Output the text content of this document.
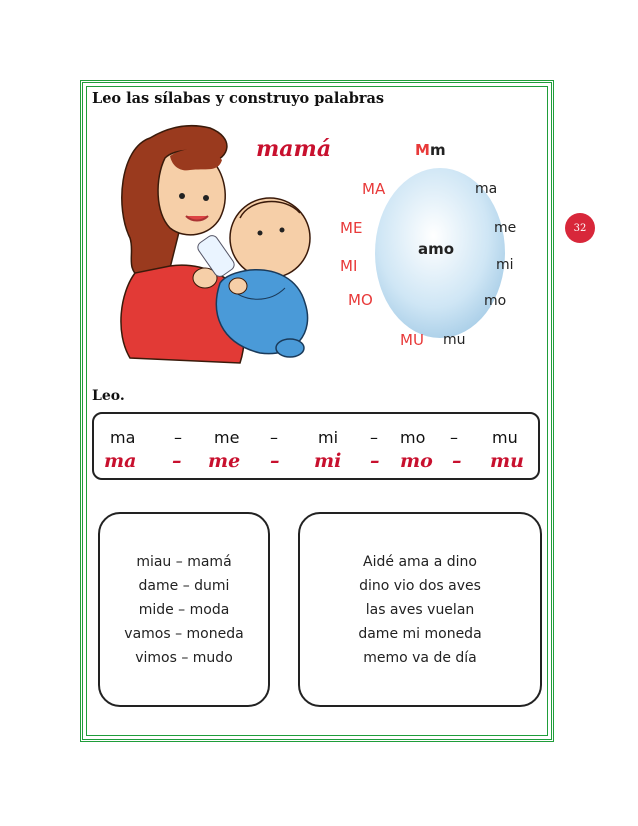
Leo las sílabas y construyo palabras
32
mamá	M m
amo
MA
ME
MI
MO
MU
ma
me
mi
mo
mu
Leo.
ma – me –	mi – mo – mu
ma – me – mi – mo – mu
miau – mamá
dame – dumi
mide – moda
vamos – moneda
vimos – mudo
Aidé ama a dino
dino vio dos aves
las aves vuelan
dame mi moneda
memo va de día
